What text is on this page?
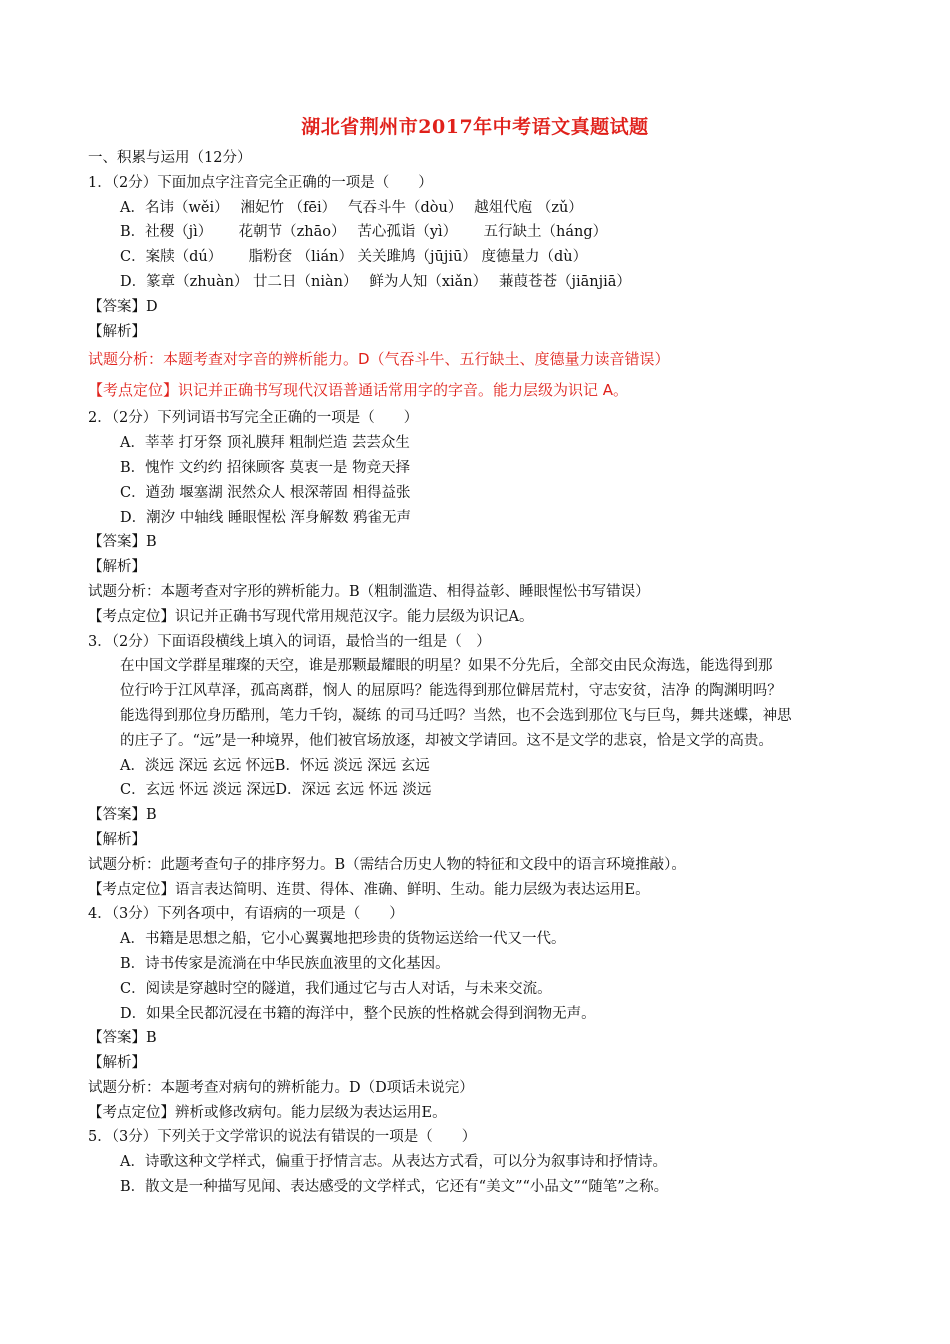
湖北省荆州市2017年中考语文真题试题
一、积累与运用（12分）
1．（2分）下面加点字注音完全正确的一项是（　　）
A．名讳（wěi）　 湘妃竹 （fēi）　 气吞斗牛（dòu）　 越俎代庖 （zǔ）
B．社稷（jì）　　 花朝节（zhāo）　 苦心孤诣（yì）　　 五行缺土（háng）
C．案牍（dú）　　 脂粉奁 （lián） 关关雎鸠（jūjiū） 度德量力（dù）
D．篆章（zhuàn） 廿二日（niàn）　 鲜为人知（xiǎn）　 蒹葭苍苍（jiānjiā）
【答案】D
【解析】
试题分析：本题考查对字音的辨析能力。D（气吞斗牛、五行缺土、度德量力读音错误）
【考点定位】识记并正确书写现代汉语普通话常用字的字音。能力层级为识记 A。
2．（2分）下列词语书写完全正确的一项是（　　）
A．莘莘 打牙祭 顶礼膜拜 粗制烂造 芸芸众生
B．愧怍 文约约 招徕顾客 莫衷一是 物竞天择
C．遒劲 堰塞湖 泯然众人 根深蒂固 相得益张
D．潮汐 中轴线 睡眼惺松 浑身解数 鸦雀无声
【答案】B
【解析】
试题分析：本题考查对字形的辨析能力。B（粗制滥造、相得益彰、睡眼惺忪书写错误）
【考点定位】识记并正确书写现代常用规范汉字。能力层级为识记A。
3．（2分）下面语段横线上填入的词语，最恰当的一组是（　）
在中国文学群星璀璨的天空，谁是那颗最耀眼的明星？如果不分先后，全部交由民众海选，能选得到那
位行吟于江风草泽，孤高离群，悯人 的屈原吗？能选得到那位僻居荒村，守志安贫，洁净 的陶渊明吗？
能选得到那位身历酷刑，笔力千钧，凝练 的司马迁吗？当然，也不会选到那位飞与巨鸟，舞共迷蝶，神思
的庄子了。“远”是一种境界，他们被官场放逐，却被文学请回。这不是文学的悲哀，恰是文学的高贵。
A．淡远 深远 玄远 怀远B．怀远 淡远 深远 玄远
C．玄远 怀远 淡远 深远D．深远 玄远 怀远 淡远
【答案】B
【解析】
试题分析：此题考查句子的排序努力。B（需结合历史人物的特征和文段中的语言环境推敲）。
【考点定位】语言表达简明、连贯、得体、准确、鲜明、生动。能力层级为表达运用E。
4．（3分）下列各项中，有语病的一项是（　　）
A．书籍是思想之船，它小心翼翼地把珍贵的货物运送给一代又一代。
B．诗书传家是流淌在中华民族血液里的文化基因。
C．阅读是穿越时空的隧道，我们通过它与古人对话，与未来交流。
D．如果全民都沉浸在书籍的海洋中，整个民族的性格就会得到润物无声。
【答案】B
【解析】
试题分析：本题考查对病句的辨析能力。D（D项话未说完）
【考点定位】辨析或修改病句。能力层级为表达运用E。
5．（3分）下列关于文学常识的说法有错误的一项是（　　）
A．诗歌这种文学样式，偏重于抒情言志。从表达方式看，可以分为叙事诗和抒情诗。
B．散文是一种描写见闻、表达感受的文学样式，它还有“美文”“小品文”“随笔”之称。
